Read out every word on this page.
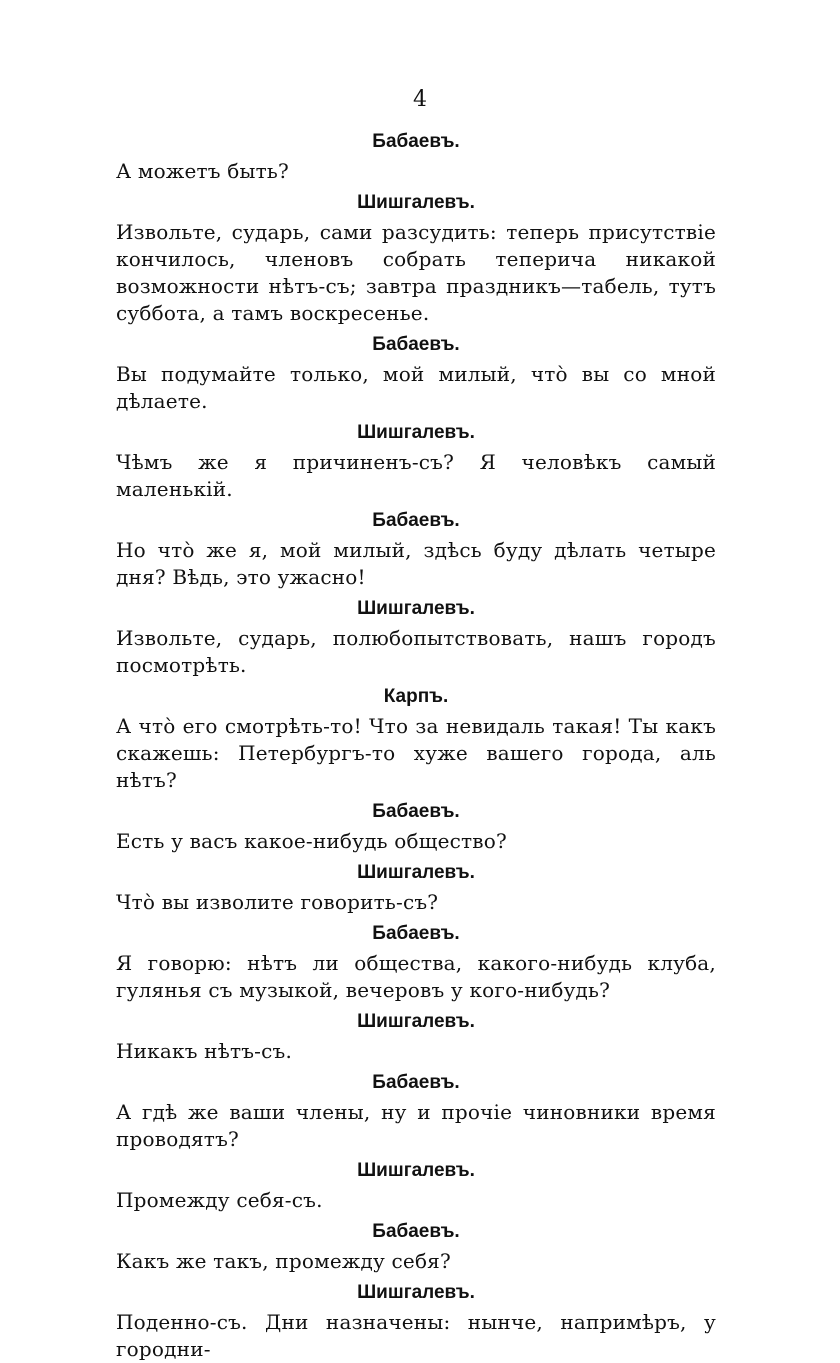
4
Бабаевъ.
А можетъ быть?
Шишгалевъ.
Извольте, сударь, сами разсудить: теперь присутствіе кончилось, членовъ собрать теперича никакой возможности нѣтъ-съ; завтра праздникъ—табель, тутъ суббота, а тамъ воскресенье.
Бабаевъ.
Вы подумайте только, мой милый, что̀ вы со мной дѣлаете.
Шишгалевъ.
Чѣмъ же я причиненъ-съ? Я человѣкъ самый маленькій.
Бабаевъ.
Но что̀ же я, мой милый, здѣсь буду дѣлать четыре дня? Вѣдь, это ужасно!
Шишгалевъ.
Извольте, сударь, полюбопытствовать, нашъ городъ посмотрѣть.
Карпъ.
А что̀ его смотрѣть-то! Что за невидаль такая! Ты какъ скажешь: Петербургъ-то хуже вашего города, аль нѣтъ?
Бабаевъ.
Есть у васъ какое-нибудь общество?
Шишгалевъ.
Что̀ вы изволите говорить-съ?
Бабаевъ.
Я говорю: нѣтъ ли общества, какого-нибудь клуба, гулянья съ музыкой, вечеровъ у кого-нибудь?
Шишгалевъ.
Никакъ нѣтъ-съ.
Бабаевъ.
А гдѣ же ваши члены, ну и прочіе чиновники время проводятъ?
Шишгалевъ.
Промежду себя-съ.
Бабаевъ.
Какъ же такъ, промежду себя?
Шишгалевъ.
Поденно-съ. Дни назначены: нынче, напримѣръ, у городни-
